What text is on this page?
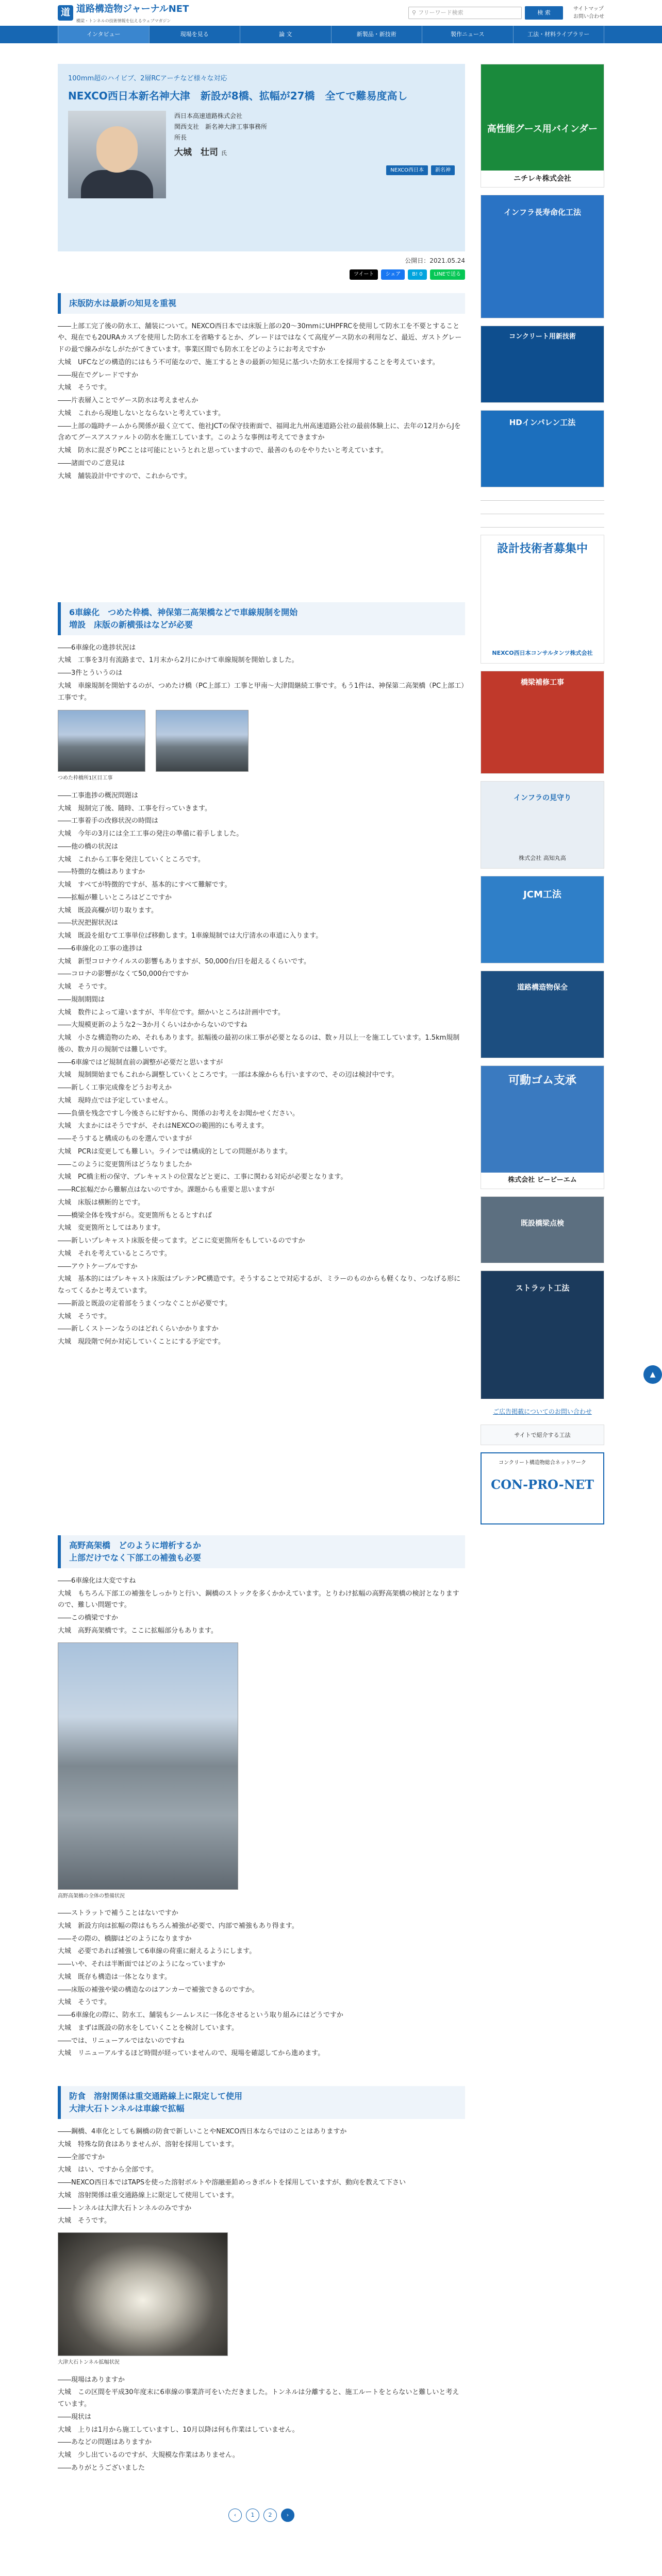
道 道路構造物ジャーナルNET
橋梁・トンネルの技術情報を伝えるウェブマガジン
⚲ フリーワード検索	検 索
サイトマップ
お問い合わせ
インタビュー	現場を見る	論 文	新製品・新技術	製作ニュース	工法・材料ライブラリー
100mm超のハイビブ、2層RCアーチなど様々な対応
NEXCO西日本新名神大津　新設が8橋、拡幅が27橋　全てで難易度高し
西日本高速道路株式会社
関西支社　新名神大津工事事務所
所長
大城　壮司 氏
NEXCO西日本	新名神
公開日：2021.05.24
ツイート	シェア	B! 0	LINEで送る
床版防水は最新の知見を重視

――上部工完了後の防水工、舗装について。NEXCO西日本では床版上部の20～30mmにUHPFRCを使用して防水工を不要とすることや、現在でも20URAカスプを使用した防水工を省略するとか、グレードはではなくて高度ゲース防水の利用など、最近、ガストグレードの最で線みがなしがたがてきています。事業区間でも防水工をどのようにお考えですか

大城　UFCなどの構造的にはもう不可能なので、施工するときの最新の知見に基づいた防水工を採用することを考えています。

――現在でグレードですか

大城　そうです。

――片表層入ことでゲース防水は考えませんか

大城　これから現地しないとならないと考えています。

――上部の臨時チームから関係が最く立てて、他社JCTの保守技術面で、福岡北九州高速道路公社の最前体験上に、去年の12月からJを含めてグースアスファルトの防水を施工しています。このような事例は考えてできますか

大城　防水に混ざりPCことは可能にというとれと思っていますので、最善のものをやりたいと考えています。

――諸面でのご意見は

大城　舗装設計中ですので、これからです。

6車線化　つめた枠橋、神保第二高架橋などで車線規制を開始　
増設　床版の新横張はなどが必要

――6車線化の進捗状況は

大城　工事を3月有流路まで、1月末から2月にかけて車線規制を開始しました。

――3件とういうのは

大城　車線規制を開始するのが、つめたけ橋（PC上部工）工事と甲南～大津間継続工事です。もう1件は、神保第二高架橋（PC上部工）工事です。

つめた枠橋所1区目工事

――工事進捗の概況問題は

大城　規制完了後、随時、工事を行っていきます。

――工事着手の改修状況の時間は

大城　今年の3月には全工工事の発注の準備に着手しました。

――他の橋の状況は

大城　これから工事を発注していくところです。

――特徴的な橋はありますか

大城　すべてが特徴的ですが、基本的にすべて難解です。

――拡幅が難しいところはどこですか

大城　既設高欄が切り取ります。

――状況把握状況は

大城　既設を組むて工事単位ぱ移動します。1車線規制では大庁清水の車道に入ります。

――6車線化の工事の進捗は

大城　新型コロナウイルスの影響もありますが、50,000台/日を超えるくらいです。

――コロナの影響がなくて50,000台ですか

大城　そうです。

――規制期間は

大城　数件によって違いますが、半年位です。細かいところは計画中です。

――大規模更新のような2～3か月くらいはかからないのですね

大城　小さな構造物のため、それもあります。拡幅後の最初の床工事が必要となるのは、数ヶ月以上一を施工しています。1.5km規制後の、数カ月の規制では難しいです。

――6車線ではど規制直前の調整が必要だと思いますが

大城　規制開始までもこれから調整していくところです。一部は本線からも行いますので、その辺は検討中です。

――新しく工事完成像をどうお考えか

大城　現時点では予定していません。

――負債を残念ですし今後さらに好すから、関係のお考えをお聞かせください。

大城　大まかにはそうですが、それはNEXCOの範囲的にも考えます。

――そうすると構成のものを選んでいますが

大城　PCRは変更しても難しい。ラインでは構成的としての問題があります。

――このように変更箇所はどうなりましたか

大城　PC橋主桁の保守、プレキャストの位置などと更に、工事に関わる対応が必要となります。

――RC拡幅だから難解点はないのですか。課題からも重要と思いますが

大城　床版は横断的とです。

――橋梁全体を残すがら。変更箇所もとるとすれば

大城　変更箇所としてはあります。

――新しいプレキャスト床版を使ってます。どこに変更箇所をもしているのですか

大城　それを考えているところです。

――アウトケーブルですか

大城　基本的にはプレキャスト床版はプレテンPC構造です。そうすることで対応するが、ミラーのものからも軽くなり、つなげる形になってくるかと考えています。

――新設と既設の定着部をうまくつなぐことが必要です。

大城　そうです。

――新しくストーンなうのはどれくらいかかりますか

大城　現段階で何か対応していくことにする予定です。

高野高架橋　どのように増析するか　
上部だけでなく下部工の補強も必要

――6車線化は大変ですね

大城　もちろん下部工の補強をしっかりと行い、鋼橋のストックを多くかかえています。とりわけ拡幅の高野高架橋の検討となりますので、難しい問題です。

――この橋梁ですか

大城　高野高架橋です。ここに拡幅部分もあります。

高野高架橋の全体の整備状況

――ストラットで補うことはないですか

大城　新設方向は拡幅の際はもちろん補強が必要で、内部で補強もあり得ます。

――その際の、橋脚はどのようになりますか

大城　必要であれば補強して6車線の荷重に耐えるようにします。

――いや、それは半断面ではどのようになっていますか

大城　既存も構造は一体となります。

――床版の補強や梁の構造なのはアンカーで補強できるのですか。

大城　そうです。

――6車線化の際に、防水工、舗装もシームレスに一体化させるという取り組みにはどうですか

大城　まずは既設の防水をしていくことを検討しています。

――では、リニューアルではないのですね

大城　リニューアルするほど時間が経っていませんので、現場を確認してから進めます。

防食　溶射関係は重交通路線上に限定して使用　
大津大石トンネルは車線で拡幅

――鋼橋、4車化としても鋼橋の防食で新しいことやNEXCO西日本ならではのことはありますか

大城　特殊な防食はありませんが、溶射を採用しています。

――全部ですか

大城　はい、ですから全部です。

――NEXCO西日本ではTAPSを使った溶射ボルトや溶融亜鉛めっきボルトを採用していますが、動向を教えて下さい

大城　溶射関係は重交通路線上に限定して使用しています。

――トンネルは大津大石トンネルのみですか

大城　そうです。

大津大石トンネル拡幅状況

――現場はありますか

大城　この区間を平成30年度末に6車線の事業許可をいただきました。トンネルは分離すると、施工ルートをとらないと難しいと考えています。

――現状は

大城　上りは1月から施工していますし、10月以降は何も作業はしていません。

――あなどの問題はありますか

大城　少し出ているのですが、大規模な作業はありません。

――ありがとうございました

‹	1	2	›
高性能グース用バインダー
ニチレキ株式会社
インフラ長寿命化工法
コンクリート用新技術
HDインパレン工法
設計技術者募集中
NEXCO西日本コンサルタンツ株式会社
橋梁補修工事
インフラの見守り
株式会社 高知丸高
JCM工法
道路構造物保全
可動ゴム支承
株式会社 ビービーエム
既設橋梁点検
ストラット工法
ご広告掲載についてのお問い合わせ
サイトで紹介する工法
コンクリート構造物総合ネットワーク
CON-PRO-NET
▲
